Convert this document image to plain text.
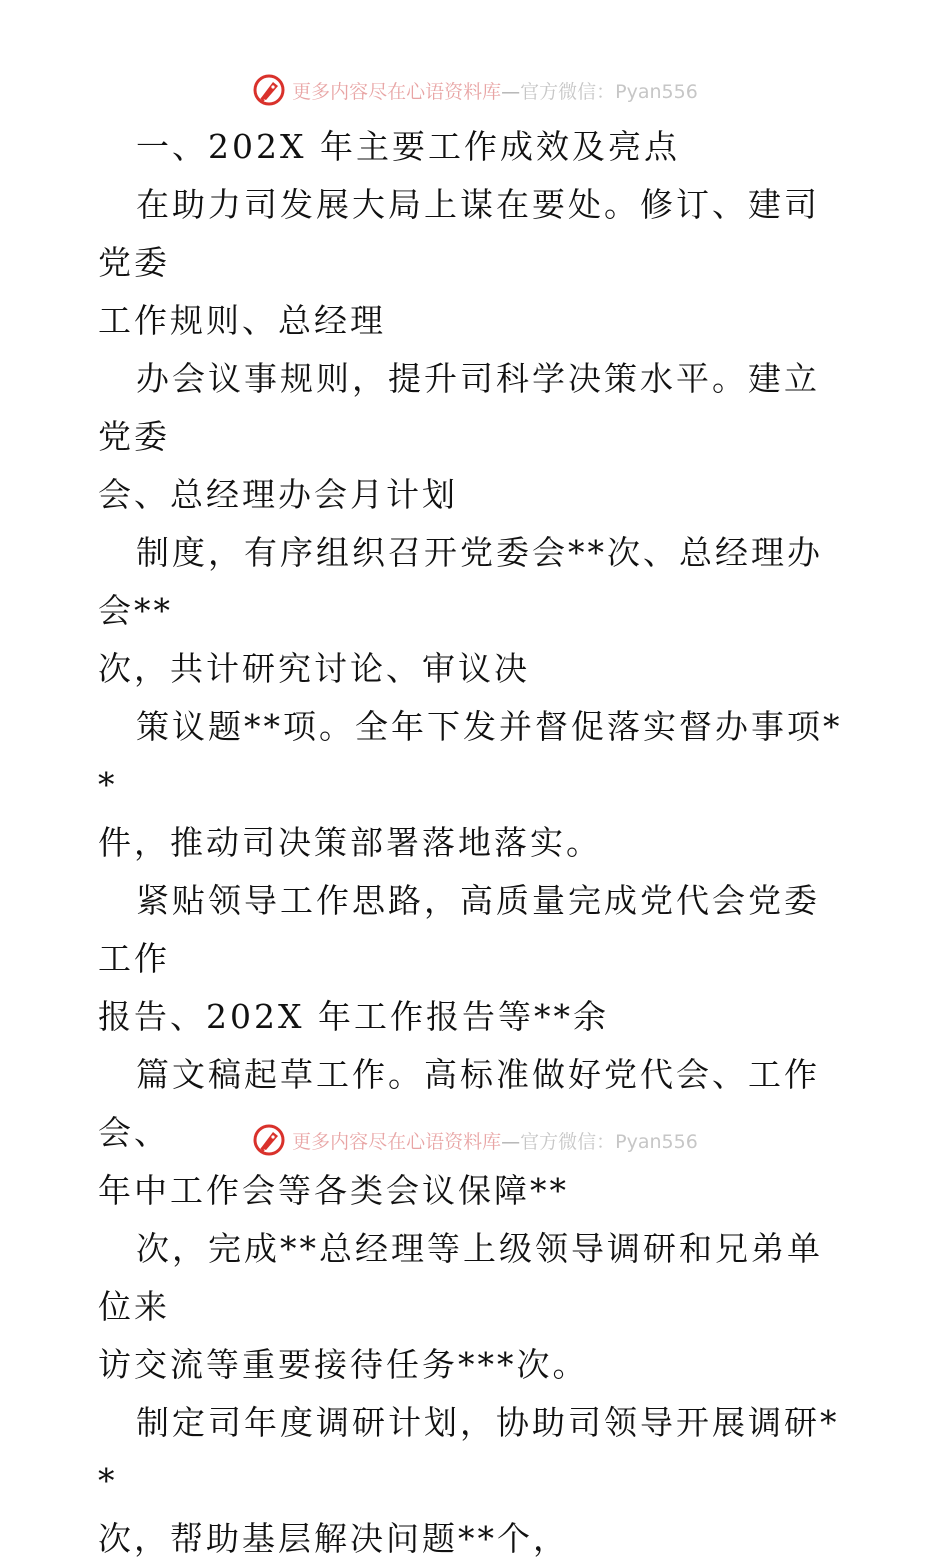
更多内容尽在心语资料库—官方微信：Pyan556

一、202X 年主要工作成效及亮点

在助力司发展大局上谋在要处。修订、建司党委
工作规则、总经理

办会议事规则，提升司科学决策水平。建立党委
会、总经理办会月计划

制度，有序组织召开党委会**次、总经理办会**
次，共计研究讨论、审议决

策议题**项。全年下发并督促落实督办事项**
件，推动司决策部署落地落实。

紧贴领导工作思路，高质量完成党代会党委工作
报告、202X 年工作报告等**余

篇文稿起草工作。高标准做好党代会、工作会、
年中工作会等各类会议保障**

次，完成**总经理等上级领导调研和兄弟单位来
访交流等重要接待任务***次。

制定司年度调研计划，协助司领导开展调研**
次，帮助基层解决问题**个，

更多内容尽在心语资料库—官方微信：Pyan556
